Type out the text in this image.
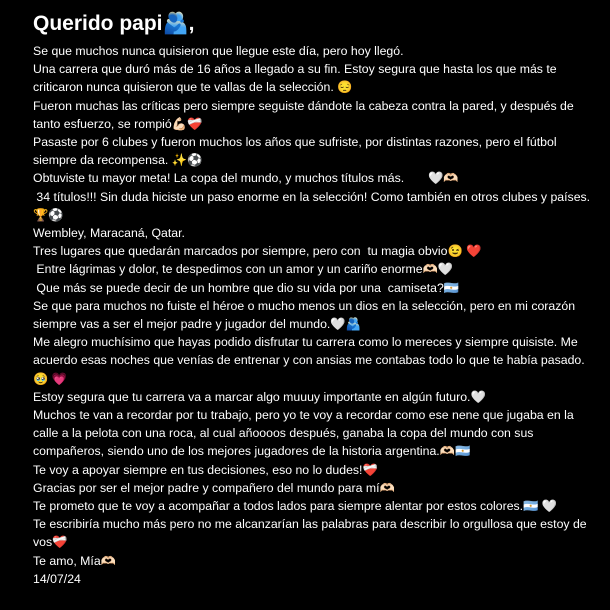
Querido papi🫂,

Se que muchos nunca quisieron que llegue este día, pero hoy llegó.

Una carrera que duró más de 16 años a llegado a su fin. Estoy segura que hasta los que más te criticaron nunca quisieron que te vallas de la selección. 😔

Fueron muchas las críticas pero siempre seguiste dándote la cabeza contra la pared, y después de tanto esfuerzo, se rompió💪🏻❤️‍🩹

Pasaste por 6 clubes y fueron muchos los años que sufriste, por distintas razones, pero el fútbol siempre da recompensa. ✨⚽

Obtuviste tu mayor meta! La copa del mundo, y muchos títulos más.       🤍🫶🏻

34 títulos!!! Sin duda hiciste un paso enorme en la selección! Como también en otros clubes y países. 🏆⚽

Wembley, Maracaná, Qatar.

Tres lugares que quedarán marcados por siempre, pero con  tu magia obvio😉 ❤️

Entre lágrimas y dolor, te despedimos con un amor y un cariño enorme🫶🏻🤍

Que más se puede decir de un hombre que dio su vida por una  camiseta?🇦🇷

Se que para muchos no fuiste el héroe o mucho menos un dios en la selección, pero en mi corazón siempre vas a ser el mejor padre y jugador del mundo.🤍🫂

Me alegro muchísimo que hayas podido disfrutar tu carrera como lo mereces y siempre quisiste. Me acuerdo esas noches que venías de entrenar y con ansias me contabas todo lo que te había pasado.🥹 💗

Estoy segura que tu carrera va a marcar algo muuuy importante en algún futuro.🤍

Muchos te van a recordar por tu trabajo, pero yo te voy a recordar como ese nene que jugaba en la calle a la pelota con una roca, al cual añoooos después, ganaba la copa del mundo con sus compañeros, siendo uno de los mejores jugadores de la historia argentina.🫶🏻🇦🇷

Te voy a apoyar siempre en tus decisiones, eso no lo dudes!❤️‍🩹

Gracias por ser el mejor padre y compañero del mundo para mí🫶🏻

Te prometo que te voy a acompañar a todos lados para siempre alentar por estos colores.🇦🇷 🤍

Te escribiría mucho más pero no me alcanzarían las palabras para describir lo orgullosa que estoy de vos❤️‍🩹

Te amo, Mía🫶🏻

14/07/24
